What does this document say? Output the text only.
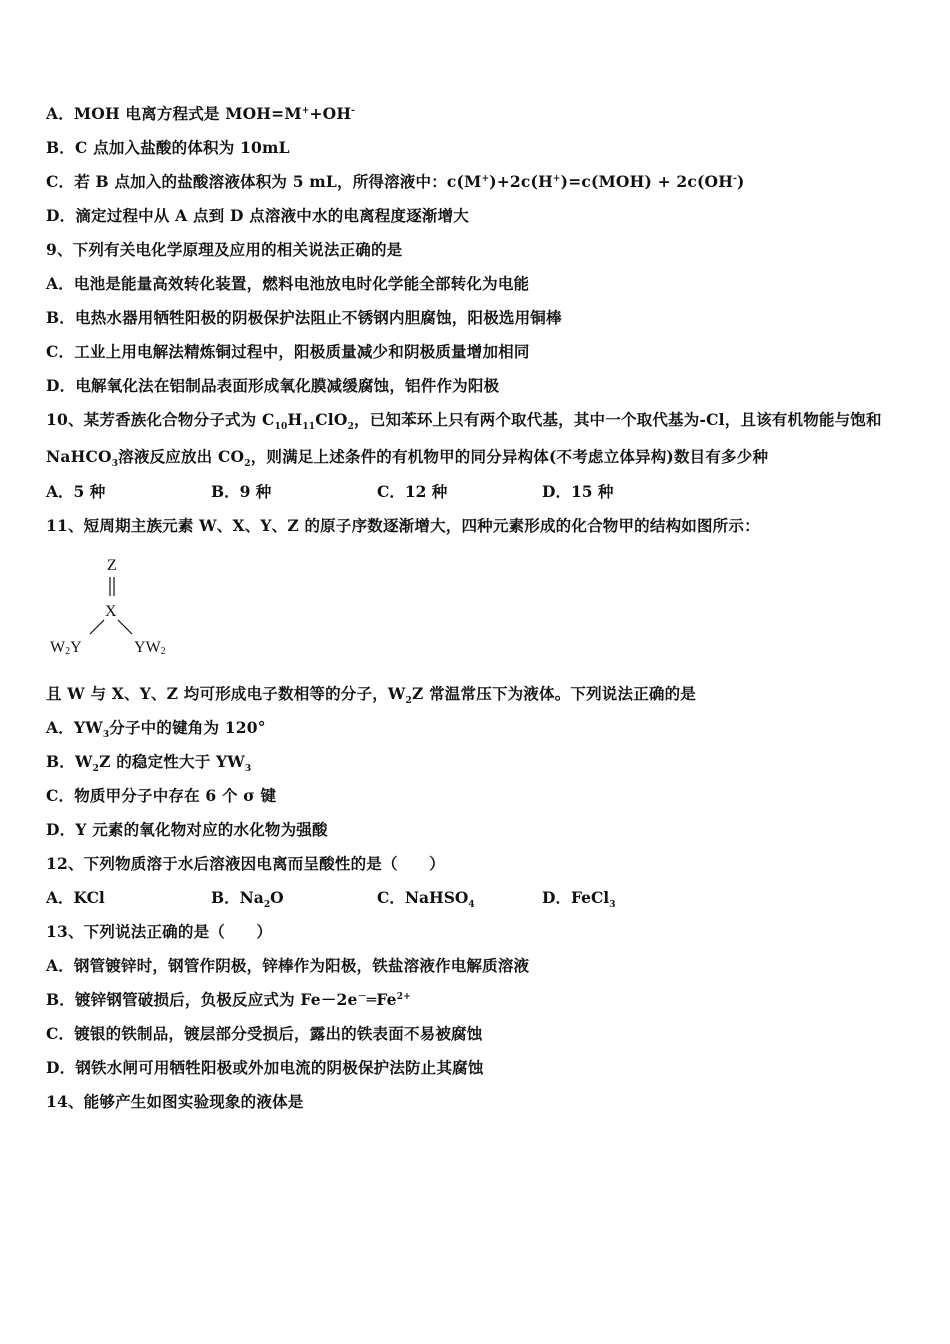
A．MOH 电离方程式是 MOH=M++OH-
B．C 点加入盐酸的体积为 10mL
C．若 B 点加入的盐酸溶液体积为 5 mL，所得溶液中：c(M+)+2c(H+)=c(MOH) + 2c(OH-)
D．滴定过程中从 A 点到 D 点溶液中水的电离程度逐渐增大
9、下列有关电化学原理及应用的相关说法正确的是
A．电池是能量高效转化装置，燃料电池放电时化学能全部转化为电能
B．电热水器用牺牲阳极的阴极保护法阻止不锈钢内胆腐蚀，阳极选用铜棒
C．工业上用电解法精炼铜过程中，阳极质量减少和阴极质量增加相同
D．电解氧化法在铝制品表面形成氧化膜减缓腐蚀，铝件作为阳极
10、某芳香族化合物分子式为 $C_{10}H_{11}ClO_2$，已知苯环上只有两个取代基，其中一个取代基为-Cl，且该有机物能与饱和
NaHCO$_3$溶液反应放出 $CO_2$，则满足上述条件的有机物甲的同分异构体(不考虑立体异构)数目有多少种
A．5 种	B．9 种	C．12 种	D．15 种
11、短周期主族元素 W、X、Y、Z 的原子序数逐渐增大，四种元素形成的化合物甲的结构如图所示：
Z
X
W2Y	YW2
且 W 与 X、Y、Z 均可形成电子数相等的分子，$W_2Z$ 常温常压下为液体。下列说法正确的是
A．$YW_3$分子中的键角为 120°
B．$W_2Z$ 的稳定性大于 $YW_3$
C．物质甲分子中存在 6 个 σ 键
D．Y 元素的氧化物对应的水化物为强酸
12、下列物质溶于水后溶液因电离而呈酸性的是（　　）
A．KCl	B．$Na_2O$	C．NaHSO$_4$	D．FeCl$_3$
13、下列说法正确的是（　　）
A．钢管镀锌时，钢管作阴极，锌棒作为阳极，铁盐溶液作电解质溶液
B．镀锌钢管破损后，负极反应式为 $Fe-2e^-═Fe^{2+}$
C．镀银的铁制品，镀层部分受损后，露出的铁表面不易被腐蚀
D．钢铁水闸可用牺牲阳极或外加电流的阴极保护法防止其腐蚀
14、能够产生如图实验现象的液体是
